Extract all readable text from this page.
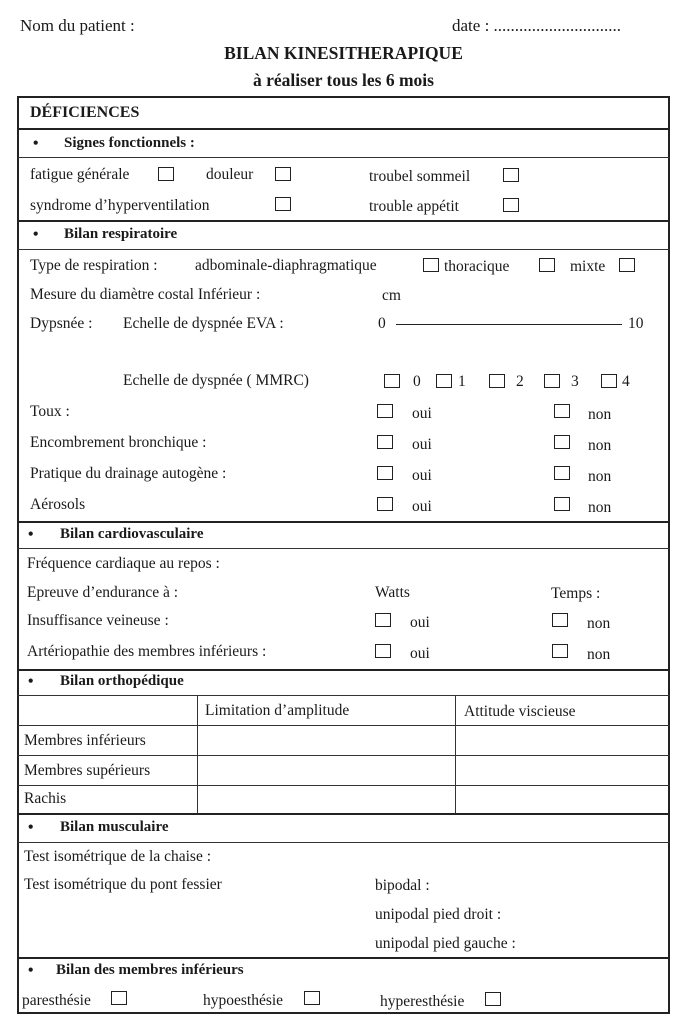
Nom du patient :	date : ..............................
BILAN KINESITHERAPIQUE
à réaliser tous les 6 mois
DÉFICIENCES
• Signes fonctionnels :
fatigue générale	douleur	troubel sommeil
syndrome d’hyperventilation	trouble appétit
• Bilan respiratoire
Type de respiration : adbominale-diaphragmatique	thoracique	mixte
Mesure du diamètre costal Inférieur :	cm
Dypsnée : Echelle de dyspnée EVA :	0	10
Echelle de dyspnée ( MMRC)	0 1	2	3	4
Toux :	oui	non
Encombrement bronchique :	oui	non
Pratique du drainage autogène :	oui	non
Aérosols	oui	non
• Bilan cardiovasculaire
Fréquence cardiaque au repos :
Epreuve d’endurance à :	Watts	Temps :
Insuffisance veineuse :	oui	non
Artériopathie des membres inférieurs :	oui	non
• Bilan orthopédique
Limitation d’amplitude	Attitude viscieuse
Membres inférieurs
Membres supérieurs
Rachis
• Bilan musculaire
Test isométrique de la chaise :
Test isométrique du pont fessier	bipodal :
unipodal pied droit :
unipodal pied gauche :
• Bilan des membres inférieurs
paresthésie	hypoesthésie	hyperesthésie
